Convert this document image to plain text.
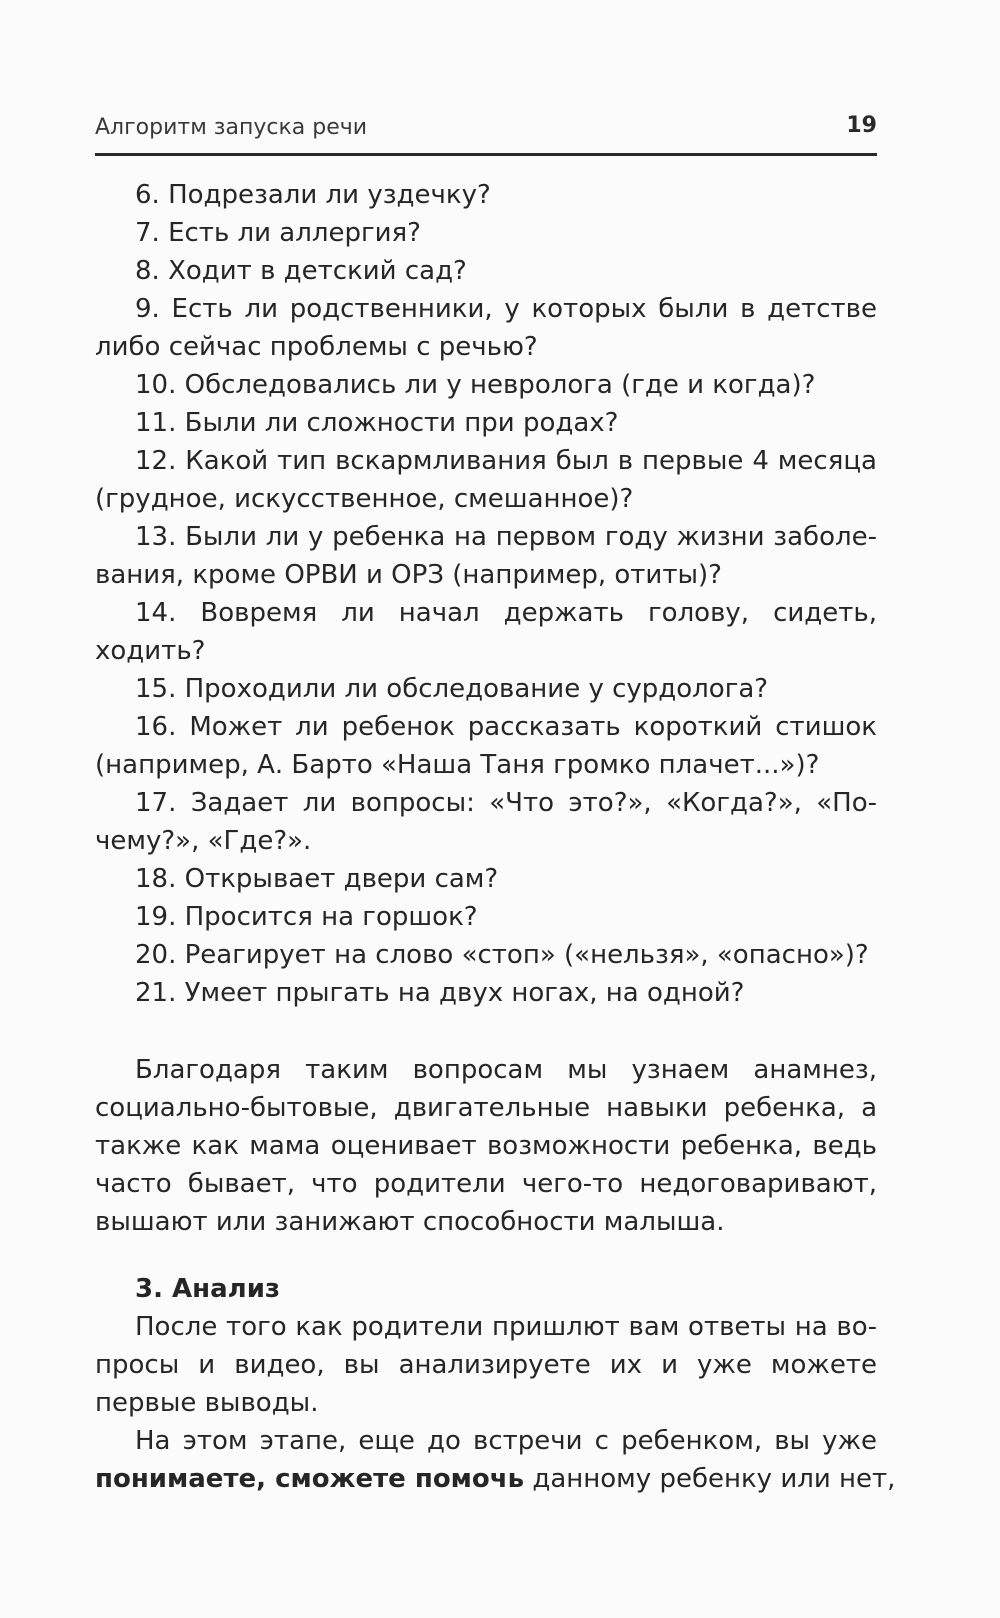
Алгоритм запуска речи	19
6. Подрезали ли уздечку?
7. Есть ли аллергия?
8. Ходит в детский сад?
9. Есть ли родственники, у которых были в детстве
либо сейчас проблемы с речью?
10. Обследовались ли у невролога (где и когда)?
11. Были ли сложности при родах?
12. Какой тип вскармливания был в первые 4 месяца
(грудное, искусственное, смешанное)?
13. Были ли у ребенка на первом году жизни заболе-
вания, кроме ОРВИ и ОРЗ (например, отиты)?
14. Вовремя ли начал держать голову, сидеть,
ходить?
15. Проходили ли обследование у сурдолога?
16. Может ли ребенок рассказать короткий стишок
(например, А. Барто «Наша Таня громко плачет...»)?
17. Задает ли вопросы: «Что это?», «Когда?», «По-
чему?», «Где?».
18. Открывает двери сам?
19. Просится на горшок?
20. Реагирует на слово «стоп» («нельзя», «опасно»)?
21. Умеет прыгать на двух ногах, на одной?
Благодаря таким вопросам мы узнаем анамнез,
социально-бытовые, двигательные навыки ребенка, а
также как мама оценивает возможности ребенка, ведь
часто бывает, что родители чего-то недоговаривают,
вышают или занижают способности малыша.
3. Анализ
После того как родители пришлют вам ответы на во-
просы и видео, вы анализируете их и уже можете
первые выводы.
На этом этапе, еще до встречи с ребенком, вы уже
понимаете, сможете помочь данному ребенку или нет,
